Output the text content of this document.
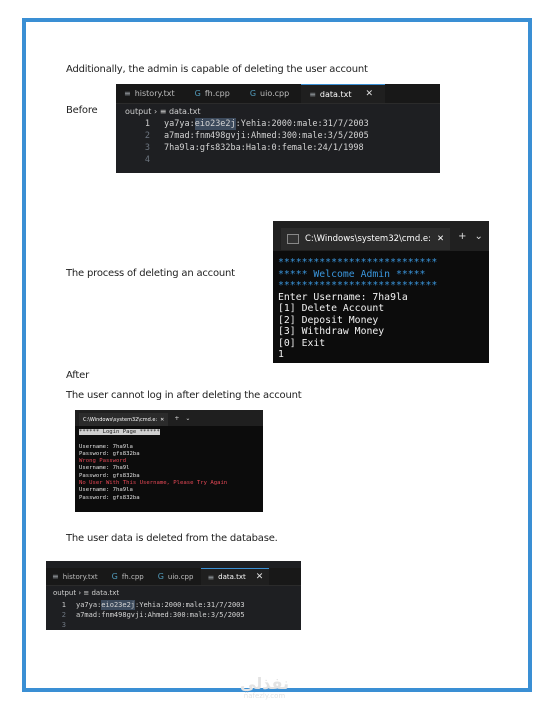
Additionally, the admin is capable of deleting the user account
Before
≡ history.txt	G fh.cpp	G uio.cpp	≡ data.txt ✕
output › ≡ data.txt
1 ya7ya: eio23e2j :Yehia:2000:male:31/7/2003
2 a7mad:fnm498gvji:Ahmed:300:male:3/5/2005
3 7ha9la:gfs832ba:Hala:0:female:24/1/1998
4
The process of deleting an account
C:\Windows\system32\cmd.e: ✕ + ⌄
***************************
***** Welcome Admin *****
***************************
Enter Username: 7ha9la
[1] Delete Account
[2] Deposit Money
[3] Withdraw Money
[0] Exit
1
After
The user cannot log in after deleting the account
C:\Windows\system32\cmd.e: ✕ + ⌄
****** Login Page ******

Username: 7ha9la
Password: gfs832ba
Wrong Password
Username: 7ha9l
Password: gfs832ba
No User With This Username, Please Try Again
Username: 7ha9la
Password: gfs832ba
The user data is deleted from the database.
≡ history.txt G fh.cpp G uio.cpp ≡ data.txt ✕
output › ≡ data.txt
1 ya7ya: eio23e2j :Yehia:2000:male:31/7/2003
2 a7mad:fnm498gvji:Ahmed:300:male:3/5/2005
3
نفذلي
nafezly.com
